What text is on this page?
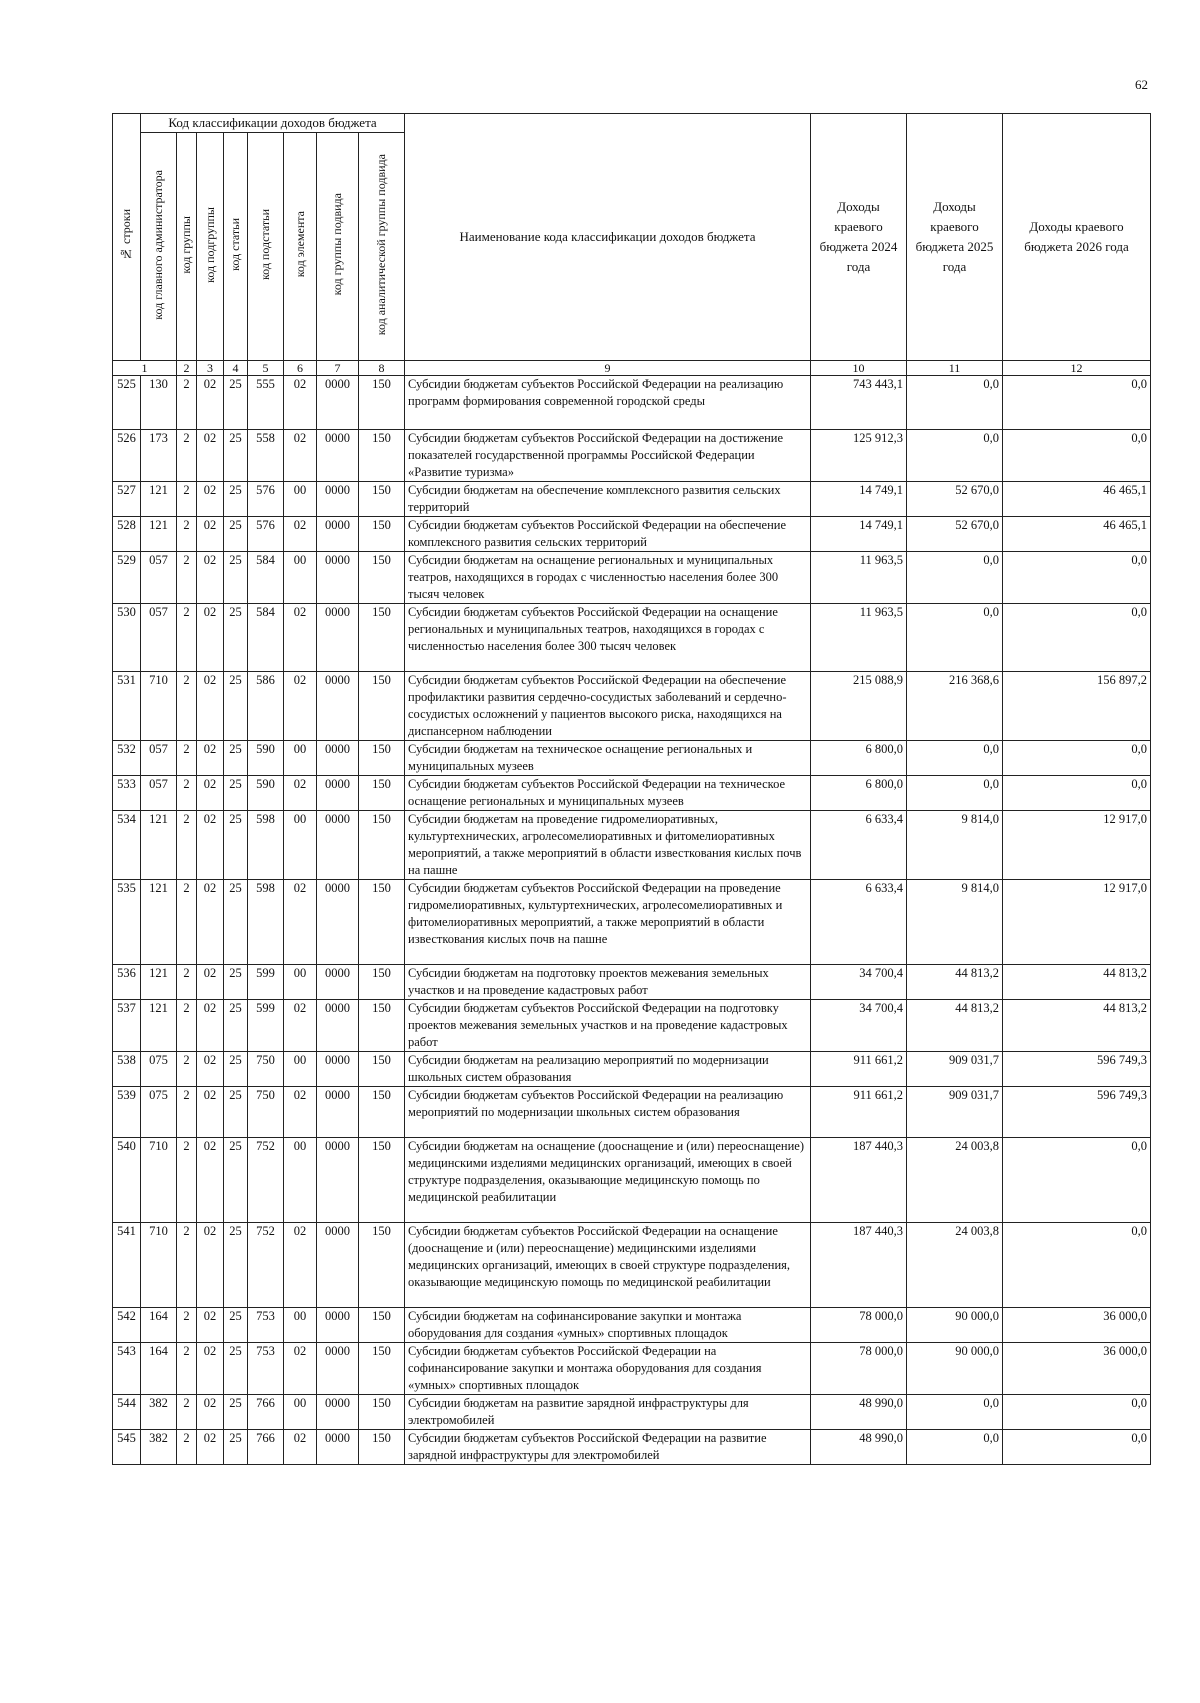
62
№ строки	Код классификации доходов бюджета								Наименование кода классификации доходов бюджета	Доходы краевого бюджета 2024 года	Доходы краевого бюджета 2025 года	Доходы краевого бюджета 2026 года
	код главного администратора	код группы	код подгруппы	код статьи	код подстатьи	код элемента	код группы подвида	код аналитической группы подвида				
1		2	3	4	5	6	7	8	9	10	11	12
525	130	2	02	25	555	02	0000	150	Субсидии бюджетам субъектов Российской Федерации на реализацию программ формирования современной городской среды	743 443,1	0,0	0,0
526	173	2	02	25	558	02	0000	150	Субсидии бюджетам субъектов Российской Федерации на достижение показателей государственной программы Российской Федерации «Развитие туризма»	125 912,3	0,0	0,0
527	121	2	02	25	576	00	0000	150	Субсидии бюджетам на обеспечение комплексного развития сельских территорий	14 749,1	52 670,0	46 465,1
528	121	2	02	25	576	02	0000	150	Субсидии бюджетам субъектов Российской Федерации на обеспечение комплексного развития сельских территорий	14 749,1	52 670,0	46 465,1
529	057	2	02	25	584	00	0000	150	Субсидии бюджетам на оснащение региональных и муниципальных театров, находящихся в городах с численностью населения более 300 тысяч человек	11 963,5	0,0	0,0
530	057	2	02	25	584	02	0000	150	Субсидии бюджетам субъектов Российской Федерации на оснащение региональных и муниципальных театров, находящихся в городах с численностью населения более 300 тысяч человек	11 963,5	0,0	0,0
531	710	2	02	25	586	02	0000	150	Субсидии бюджетам субъектов Российской Федерации на обеспечение профилактики развития сердечно-сосудистых заболеваний и сердечно-сосудистых осложнений у пациентов высокого риска, находящихся на диспансерном наблюдении	215 088,9	216 368,6	156 897,2
532	057	2	02	25	590	00	0000	150	Субсидии бюджетам на техническое оснащение региональных и муниципальных музеев	6 800,0	0,0	0,0
533	057	2	02	25	590	02	0000	150	Субсидии бюджетам субъектов Российской Федерации на техническое оснащение региональных и муниципальных музеев	6 800,0	0,0	0,0
534	121	2	02	25	598	00	0000	150	Субсидии бюджетам на проведение гидромелиоративных, культуртехнических, агролесомелиоративных и фитомелиоративных мероприятий, а также мероприятий в области известкования кислых почв на пашне	6 633,4	9 814,0	12 917,0
535	121	2	02	25	598	02	0000	150	Субсидии бюджетам субъектов Российской Федерации на проведение гидромелиоративных, культуртехнических, агролесомелиоративных и фитомелиоративных мероприятий, а также мероприятий в области известкования кислых почв на пашне	6 633,4	9 814,0	12 917,0
536	121	2	02	25	599	00	0000	150	Субсидии бюджетам на подготовку проектов межевания земельных участков и на проведение кадастровых работ	34 700,4	44 813,2	44 813,2
537	121	2	02	25	599	02	0000	150	Субсидии бюджетам субъектов Российской Федерации на подготовку проектов межевания земельных участков и на проведение кадастровых работ	34 700,4	44 813,2	44 813,2
538	075	2	02	25	750	00	0000	150	Субсидии бюджетам на реализацию мероприятий по модернизации школьных систем образования	911 661,2	909 031,7	596 749,3
539	075	2	02	25	750	02	0000	150	Субсидии бюджетам субъектов Российской Федерации на реализацию мероприятий по модернизации школьных систем образования	911 661,2	909 031,7	596 749,3
540	710	2	02	25	752	00	0000	150	Субсидии бюджетам на оснащение (дооснащение и (или) переоснащение) медицинскими изделиями медицинских организаций, имеющих в своей структуре подразделения, оказывающие медицинскую помощь по медицинской реабилитации	187 440,3	24 003,8	0,0
541	710	2	02	25	752	02	0000	150	Субсидии бюджетам субъектов Российской Федерации на оснащение (дооснащение и (или) переоснащение) медицинскими изделиями медицинских организаций, имеющих в своей структуре подразделения, оказывающие медицинскую помощь по медицинской реабилитации	187 440,3	24 003,8	0,0
542	164	2	02	25	753	00	0000	150	Субсидии бюджетам на софинансирование закупки и монтажа оборудования для создания «умных» спортивных площадок	78 000,0	90 000,0	36 000,0
543	164	2	02	25	753	02	0000	150	Субсидии бюджетам субъектов Российской Федерации на софинансирование закупки и монтажа оборудования для создания «умных» спортивных площадок	78 000,0	90 000,0	36 000,0
544	382	2	02	25	766	00	0000	150	Субсидии бюджетам на развитие зарядной инфраструктуры для электромобилей	48 990,0	0,0	0,0
545	382	2	02	25	766	02	0000	150	Субсидии бюджетам субъектов Российской Федерации на развитие зарядной инфраструктуры для электромобилей	48 990,0	0,0	0,0
